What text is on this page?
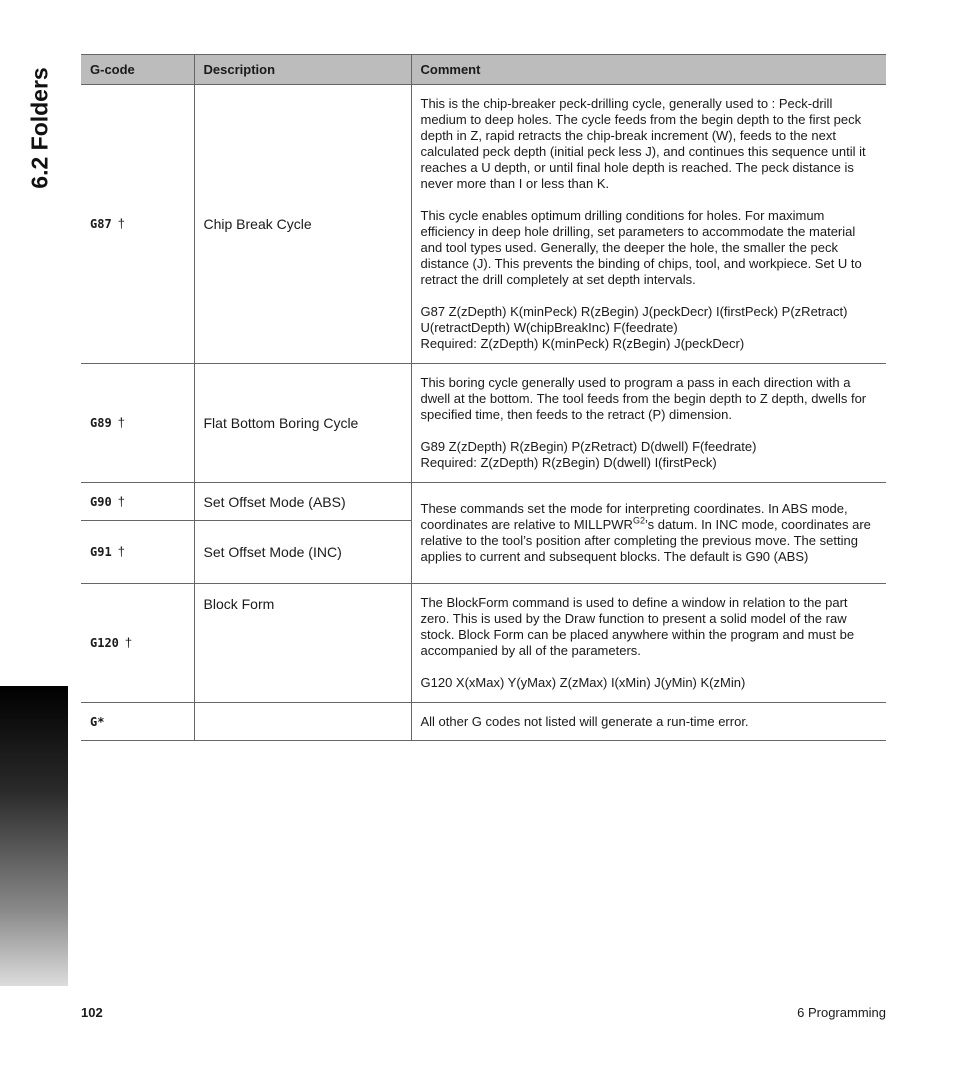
6.2 Folders	G-code	Description	Comment
G87 †	Chip Break Cycle	This is the chip-breaker peck-drilling cycle, generally used to : Peck-drill medium to deep holes. The cycle feeds from the begin depth to the first peck depth in Z, rapid retracts the chip-break increment (W), feeds to the next calculated peck depth (initial peck less J), and continues this sequence until it reaches a U depth, or until final hole depth is reached. The peck distance is never more than I or less than K.
This cycle enables optimum drilling conditions for holes. For maximum efficiency in deep hole drilling, set parameters to accommodate the material and tool types used. Generally, the deeper the hole, the smaller the peck distance (J). This prevents the binding of chips, tool, and workpiece. Set U to retract the drill completely at set depth intervals.
G87 Z(zDepth) K(minPeck) R(zBegin) J(peckDecr) I(firstPeck) P(zRetract) U(retractDepth) W(chipBreakInc) F(feedrate)
Required: Z(zDepth) K(minPeck) R(zBegin) J(peckDecr)

G89 †	Flat Bottom Boring Cycle	This boring cycle generally used to program a pass in each direction with a dwell at the bottom. The tool feeds from the begin depth to Z depth, dwells for specified time, then feeds to the retract (P) dimension.
G89 Z(zDepth) R(zBegin) P(zRetract) D(dwell) F(feedrate)
Required: Z(zDepth) R(zBegin) D(dwell) I(firstPeck)

G90 †	Set Offset Mode (ABS)	These commands set the mode for interpreting coordinates. In ABS mode, coordinates are relative to $MILLPWR^{G2}’s$ datum. In INC mode, coordinates are relative to the tool’s position after completing the previous move. The setting applies to current and subsequent blocks. The default is G90 (ABS)
G91 †	Set Offset Mode (INC)	
G120 †	Block Form	The BlockForm command is used to define a window in relation to the part zero. This is used by the Draw function to present a solid model of the raw stock. Block Form can be placed anywhere within the program and must be accompanied by all of the parameters.
G120 X(xMax) Y(yMax) Z(zMax) I(xMin) J(yMin) K(zMin)

G*		All other G codes not listed will generate a run-time error.
102	6 Programming
